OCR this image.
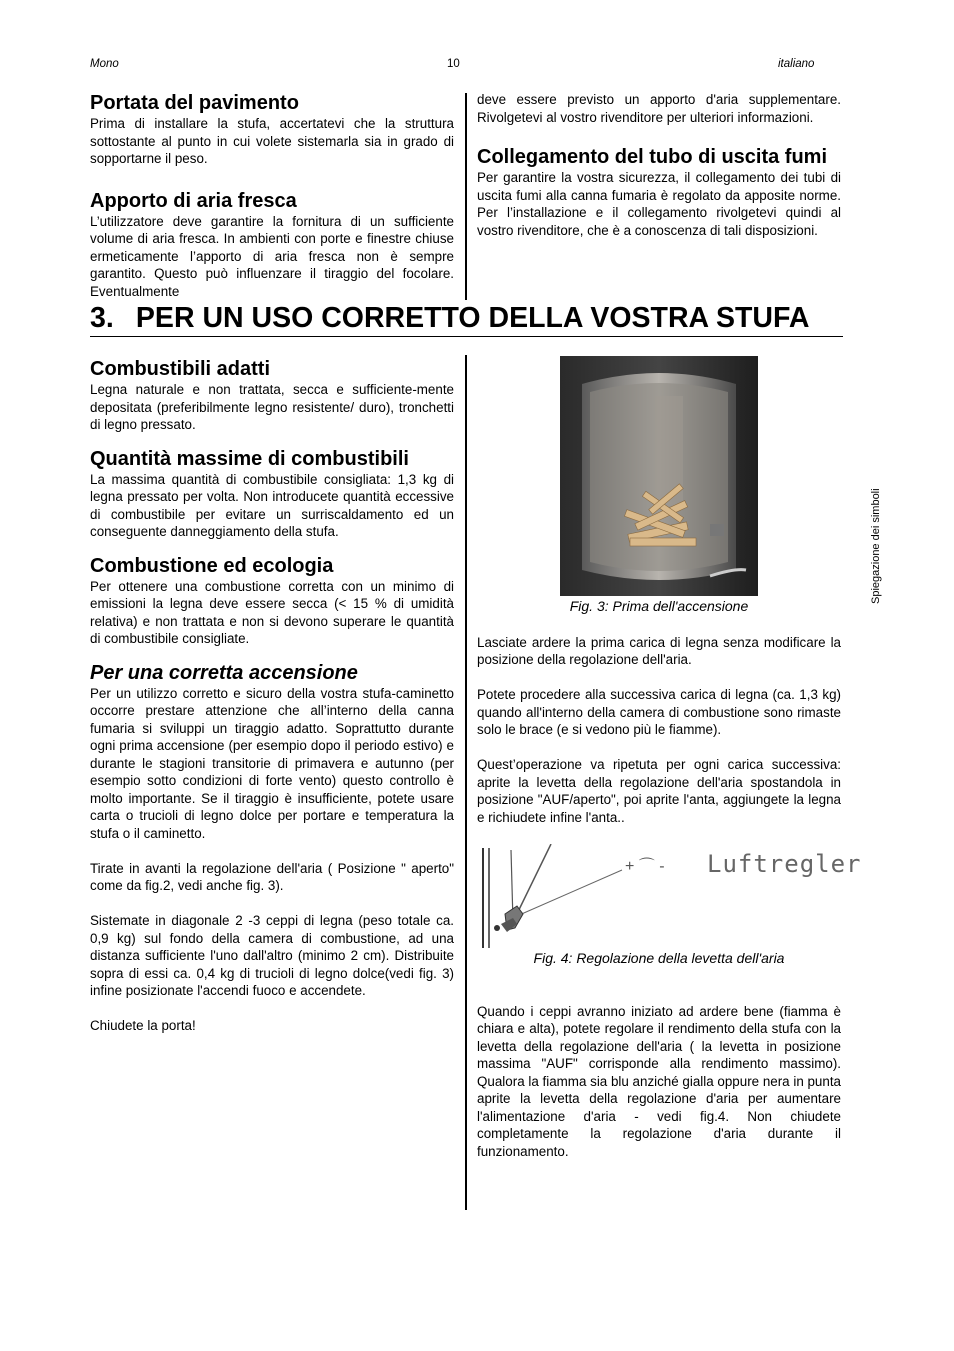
Mono	10	italiano
Portata del pavimento

Prima di installare la stufa, accertatevi che la struttura sottostante al punto in cui volete sistemarla sia in grado di sopportarne il peso.

Apporto di aria fresca

L’utilizzatore deve garantire la fornitura di un sufficiente volume di aria fresca. In ambienti con porte e finestre chiuse ermeticamente l’apporto di aria fresca non è sempre garantito. Questo può influenzare il tiraggio del focolare. Eventualmente

deve essere previsto un apporto d'aria supplementare. Rivolgetevi al vostro rivenditore per ulteriori informazioni.

Collegamento del tubo di uscita fumi

Per garantire la vostra sicurezza, il collegamento dei tubi di uscita fumi alla canna fumaria è regolato da apposite norme. Per l’installazione e il collegamento rivolgetevi quindi al vostro rivenditore, che è a conoscenza di tali disposizioni.

3. PER UN USO CORRETTO DELLA VOSTRA STUFA
Combustibili adatti

Legna naturale e non trattata, secca e sufficiente-mente depositata (preferibilmente legno resistente/ duro), tronchetti di legno pressato.

Quantità massime di combustibili

La massima quantità di combustibile consigliata: 1,3 kg di legna pressato per volta. Non introducete quantità eccessive di combustibile per evitare un surriscaldamento ed un conseguente danneggiamento della stufa.

Combustione ed ecologia

Per ottenere una combustione corretta con un minimo di emissioni la legna deve essere secca (< 15 % di umidità relativa) e non trattata e non si devono superare le quantità di combustibile consigliate.

Per una corretta accensione

Per un utilizzo corretto e sicuro della vostra stufa-caminetto occorre prestare attenzione che all’interno della canna fumaria si sviluppi un tiraggio adatto. Soprattutto durante ogni prima accensione (per esempio dopo il periodo estivo) e durante le stagioni transitorie di primavera e autunno (per esempio sotto condizioni di forte vento) questo controllo è molto importante. Se il tiraggio è insufficiente, potete usare carta o trucioli di legno dolce per portare e temperatura la stufa o il caminetto.

Tirate in avanti la regolazione dell'aria ( Posizione " aperto" come da fig.2, vedi anche fig. 3).

Sistemate in diagonale 2 -3 ceppi di legna (peso totale ca. 0,9 kg) sul fondo della camera di combustione, ad una distanza sufficiente l'uno dall'altro (minimo 2 cm). Distribuite sopra di essi ca. 0,4 kg di trucioli di legno dolce(vedi fig. 3) infine posizionate l'accendi fuoco e accendete.

Chiudete la porta!

Fig. 3: Prima dell'accensione

Lasciate ardere la prima carica di legna senza modificare la posizione della regolazione dell'aria.

Potete procedere alla successiva carica di legna (ca. 1,3 kg) quando all'interno della camera di combustione sono rimaste solo le brace (e si vedono più le fiamme).

Quest’operazione va ripetuta per ogni carica successiva: aprite la levetta della regolazione dell'aria spostandola in posizione "AUF/aperto", poi aprite l'anta, aggiungete la legna e richiudete infine l'anta..

+ ⌒ - Luftregler
Fig. 4: Regolazione della levetta dell'aria

Quando i ceppi avranno iniziato ad ardere bene (fiamma è chiara e alta), potete regolare il rendimento della stufa con la levetta della regolazione dell'aria ( la levetta in posizione massima "AUF" corrisponde alla rendimento massimo). Qualora la fiamma sia blu anziché gialla oppure nera in punta aprite la levetta della regolazione d'aria per aumentare l'alimentazione d'aria - vedi fig.4. Non chiudete completamente la regolazione d'aria durante il funzionamento.

Spiegazione dei simboli
